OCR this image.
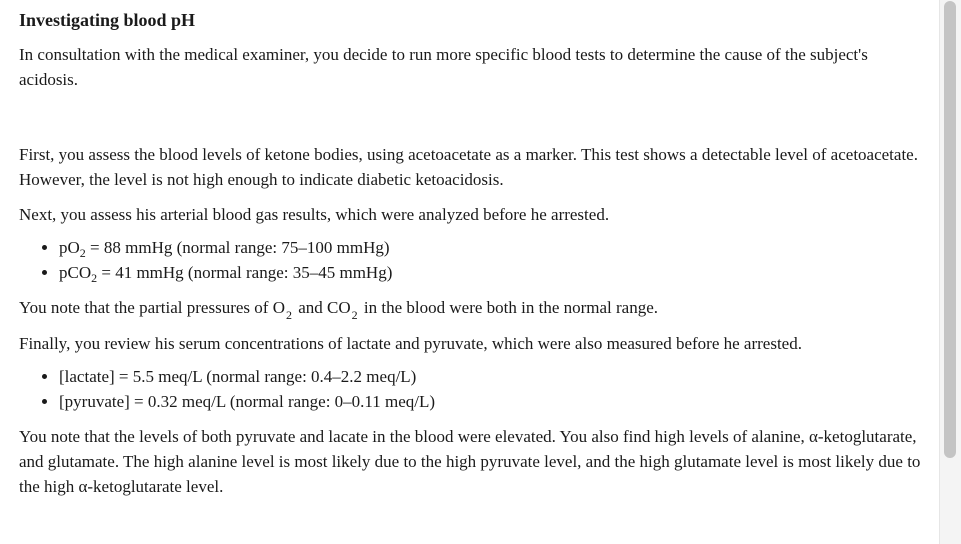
Investigating blood pH

In consultation with the medical examiner, you decide to run more specific blood tests to determine the cause of the subject's acidosis.

First, you assess the blood levels of ketone bodies, using acetoacetate as a marker. This test shows a detectable level of acetoacetate. However, the level is not high enough to indicate diabetic ketoacidosis.

Next, you assess his arterial blood gas results, which were analyzed before he arrested.

• $pO_2 = 88$ mmHg (normal range: 75–100 mmHg)
• pCO$_2$ = 41 mmHg (normal range: 35–45 mmHg)

You note that the partial pressures of $O_2$ and $CO_2$ in the blood were both in the normal range.

Finally, you review his serum concentrations of lactate and pyruvate, which were also measured before he arrested.

• [lactate] = 5.5 meq/L (normal range: 0.4–2.2 meq/L)
• [pyruvate] = 0.32 meq/L (normal range: 0–0.11 meq/L)

You note that the levels of both pyruvate and lacate in the blood were elevated. You also find high levels of alanine, α-ketoglutarate, and glutamate. The high alanine level is most likely due to the high pyruvate level, and the high glutamate level is most likely due to the high α-ketoglutarate level.
